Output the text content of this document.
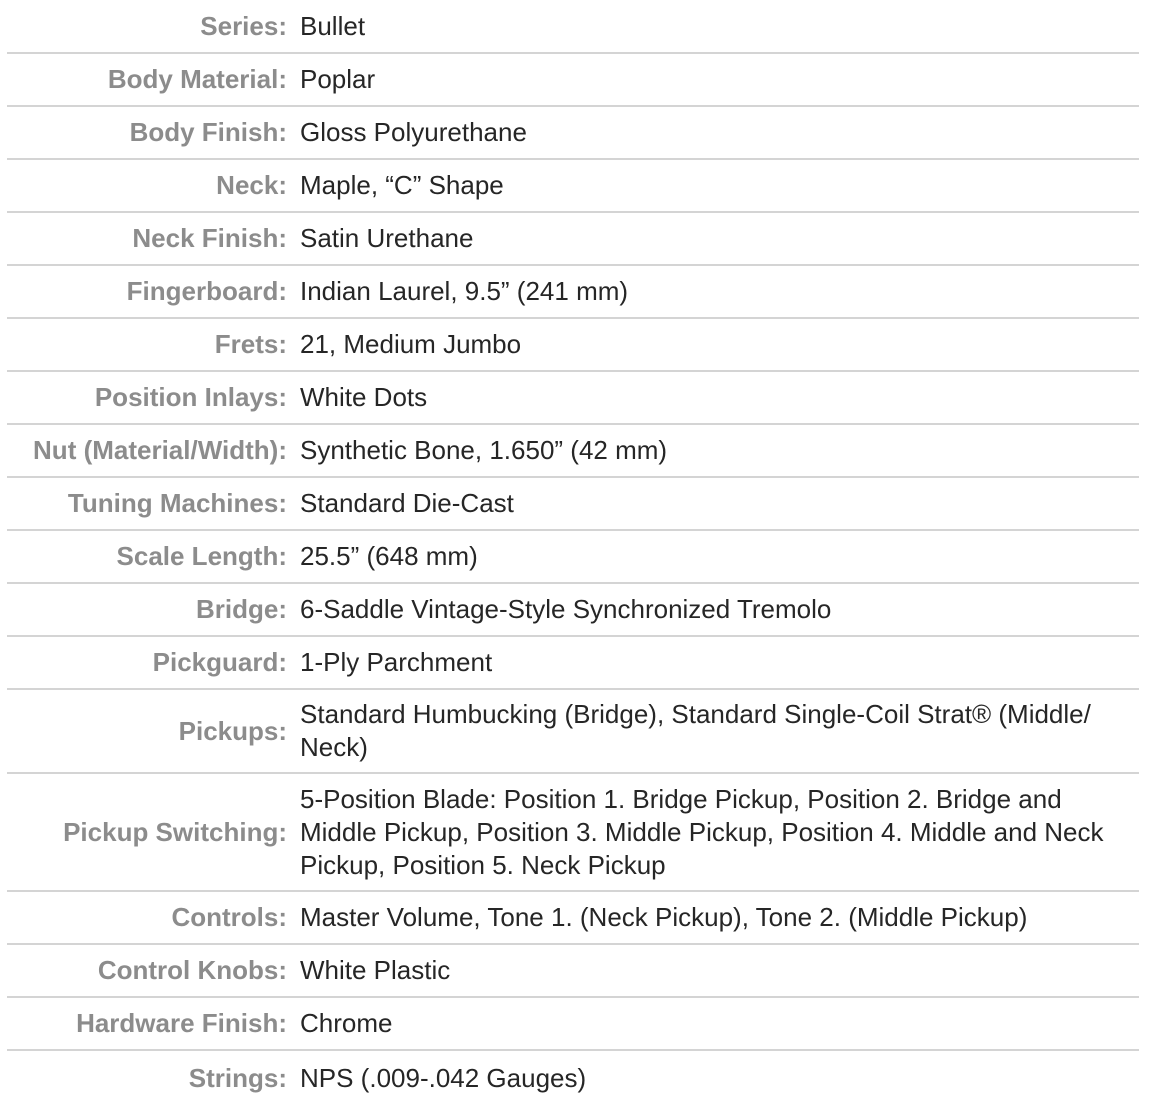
Series: Bullet
Body Material: Poplar
Body Finish: Gloss Polyurethane
Neck: Maple, “C” Shape
Neck Finish: Satin Urethane
Fingerboard: Indian Laurel, 9.5” (241 mm)
Frets: 21, Medium Jumbo
Position Inlays: White Dots
Nut (Material/Width): Synthetic Bone, 1.650” (42 mm)
Tuning Machines: Standard Die-Cast
Scale Length: 25.5” (648 mm)
Bridge: 6-Saddle Vintage-Style Synchronized Tremolo
Pickguard: 1-Ply Parchment
Pickups:
Standard Humbucking (Bridge), Standard Single-Coil Strat® (Middle/ Neck)
Pickup Switching:
5-Position Blade: Position 1. Bridge Pickup, Position 2. Bridge and Middle Pickup, Position 3. Middle Pickup, Position 4. Middle and Neck Pickup, Position 5. Neck Pickup
Controls: Master Volume, Tone 1. (Neck Pickup), Tone 2. (Middle Pickup)
Control Knobs: White Plastic
Hardware Finish: Chrome
Strings: NPS (.009-.042 Gauges)
